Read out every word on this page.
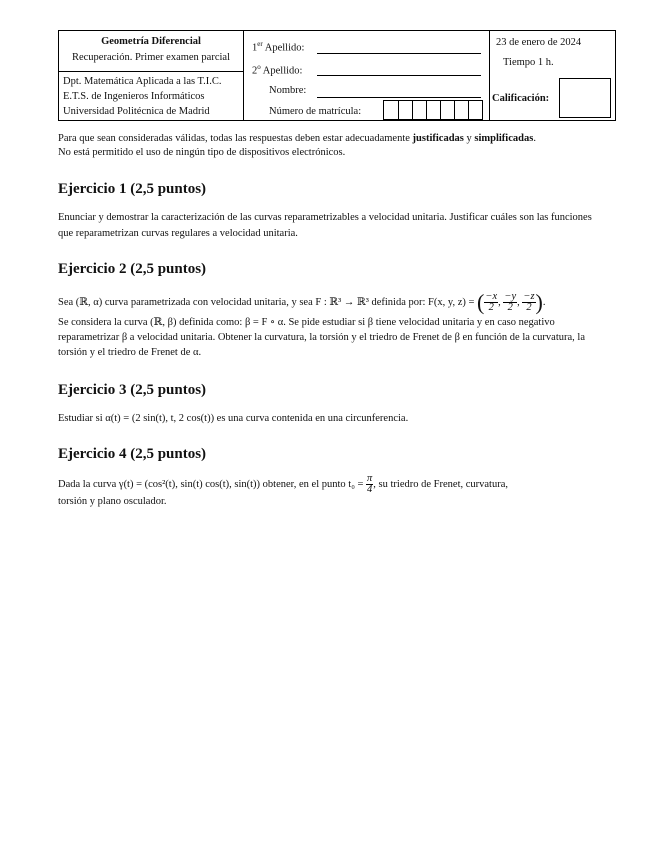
Geometría Diferencial
Recuperación. Primer examen parcial
Dpt. Matemática Aplicada a las T.I.C.
E.T.S. de Ingenieros Informáticos
Universidad Politécnica de Madrid
1er Apellido:
2$^o$ Apellido:
Nombre:
Número de matrícula:
23 de enero de 2024
Tiempo 1 h.
Calificación:
Para que sean consideradas válidas, todas las respuestas deben estar adecuadamente justificadas y simplificadas.
No está permitido el uso de ningún tipo de dispositivos electrónicos.
Ejercicio 1 (2,5 puntos)
Enunciar y demostrar la caracterización de las curvas reparametrizables a velocidad unitaria. Justificar cuáles son las funciones que reparametrizan curvas regulares a velocidad unitaria.
Ejercicio 2 (2,5 puntos)
Sea (ℝ, α) curva parametrizada con velocidad unitaria, y sea F : ℝ³ → ℝ³ definida por: F(x, y, z) = ( $\frac{-x}{2}$ , $\frac{-y}{2}$ , $\frac{-z}{2}$ ).
Se considera la curva (ℝ, β) definida como: β = F ∘ α. Se pide estudiar si β tiene velocidad unitaria y en caso negativo reparametrizar β a velocidad unitaria. Obtener la curvatura, la torsión y el triedro de Frenet de β en función de la curvatura, la torsión y el triedro de Frenet de α.
Ejercicio 3 (2,5 puntos)
Estudiar si α(t) = (2 sin(t), t, 2 cos(t)) es una curva contenida en una circunferencia.
Ejercicio 4 (2,5 puntos)
Dada la curva γ(t) = (cos²(t), sin(t) cos(t), sin(t)) obtener, en el punto $t_0 = \frac{\pi}{4}$ , su triedro de Frenet, curvatura,
torsión y plano osculador.
